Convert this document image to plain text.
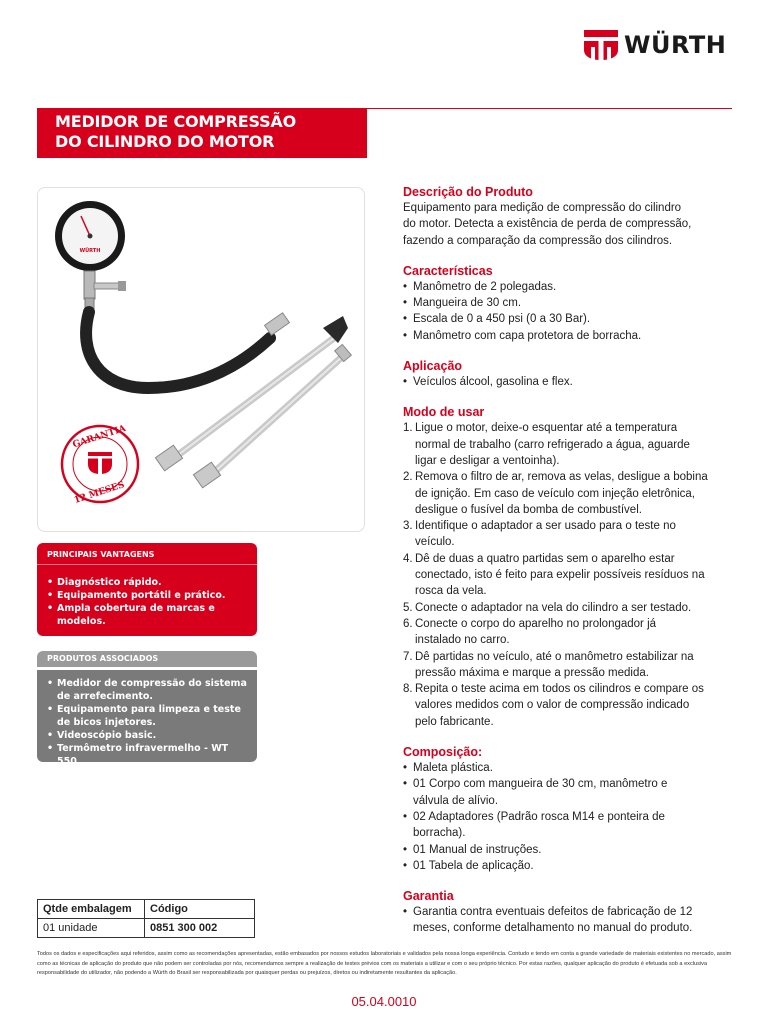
WÜRTH
MEDIDOR DE COMPRESSÃO
DO CILINDRO DO MOTOR
WÜRTH
GARANTIA
12 MESES
PRINCIPAIS VANTAGENS
• Diagnóstico rápido.
• Equipamento portátil e prático.
• Ampla cobertura de marcas e modelos.
PRODUTOS ASSOCIADOS
• Medidor de compressão do sistema de arrefecimento.
• Equipamento para limpeza e teste de bicos injetores.
• Videoscópio basic.
• Termômetro infravermelho - WT 550.
Qtde embalagem	Código
01 unidade	0851 300 002
Descrição do Produto
Equipamento para medição de compressão do cilindro
do motor. Detecta a existência de perda de compressão,
fazendo a comparação da compressão dos cilindros.
Características
• Manômetro de 2 polegadas.
• Mangueira de 30 cm.
• Escala de 0 a 450 psi (0 a 30 Bar).
• Manômetro com capa protetora de borracha.
Aplicação
• Veículos álcool, gasolina e flex.
Modo de usar
1. Ligue o motor, deixe-o esquentar até a temperatura
normal de trabalho (carro refrigerado a água, aguarde
ligar e desligar a ventoinha).
2. Remova o filtro de ar, remova as velas, desligue a bobina
de ignição. Em caso de veículo com injeção eletrônica,
desligue o fusível da bomba de combustível.
3. Identifique o adaptador a ser usado para o teste no
veículo.
4. Dê de duas a quatro partidas sem o aparelho estar
conectado, isto é feito para expelir possíveis resíduos na
rosca da vela.
5. Conecte o adaptador na vela do cilindro a ser testado.
6. Conecte o corpo do aparelho no prolongador já
instalado no carro.
7. Dê partidas no veículo, até o manômetro estabilizar na
pressão máxima e marque a pressão medida.
8. Repita o teste acima em todos os cilindros e compare os
valores medidos com o valor de compressão indicado
pelo fabricante.
Composição:
• Maleta plástica.
• 01 Corpo com mangueira de 30 cm, manômetro e
válvula de alívio.
• 02 Adaptadores (Padrão rosca M14 e ponteira de
borracha).
• 01 Manual de instruções.
• 01 Tabela de aplicação.
Garantia
• Garantia contra eventuais defeitos de fabricação de 12
meses, conforme detalhamento no manual do produto.
Todos os dados e especificações aqui referidos, assim como as recomendações apresentadas, estão embasados por nossos estudos laboratoriais e validados pela nossa longa experiência. Contudo e tendo em conta a grande variedade de materiais existentes no mercado, assim como as técnicas de aplicação do produto que não podem ser controladas por nós, recomendamos sempre a realização de testes prévios com os materiais a utilizar e com o seu próprio técnico. Por estas razões, qualquer aplicação do produto é efetuada sob a exclusiva responsabilidade do utilizador, não podendo a Würth do Brasil ser responsabilizada por quaisquer perdas ou prejuízos, diretos ou indiretamente resultantes da aplicação.
05.04.0010
